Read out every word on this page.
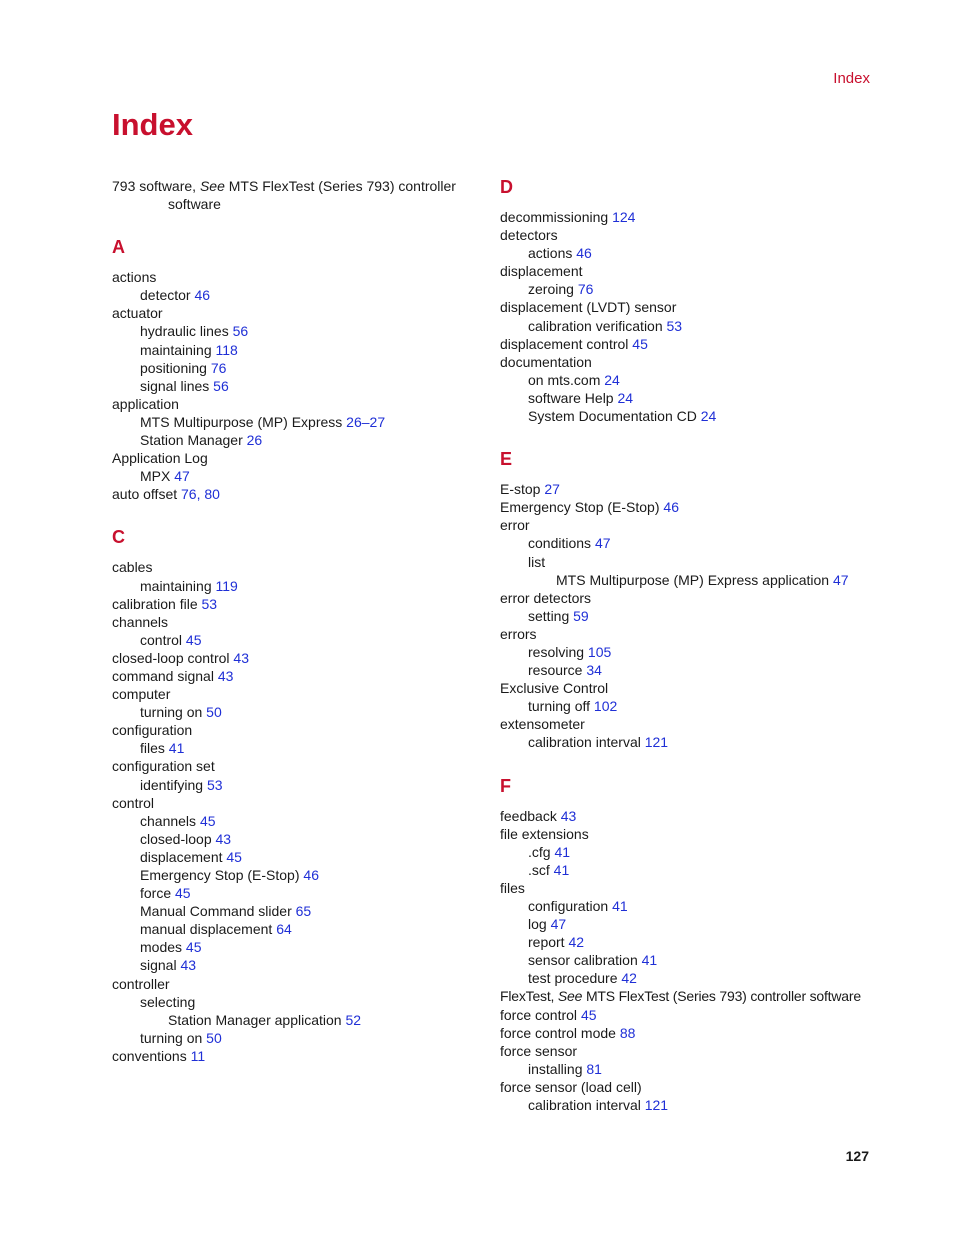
Index
Index
793 software, See MTS FlexTest (Series 793) controller
software
A
actions
detector 46
actuator
hydraulic lines 56
maintaining 118
positioning 76
signal lines 56
application
MTS Multipurpose (MP) Express 26–27
Station Manager 26
Application Log
MPX 47
auto offset 76, 80
C
cables
maintaining 119
calibration file 53
channels
control 45
closed-loop control 43
command signal 43
computer
turning on 50
configuration
files 41
configuration set
identifying 53
control
channels 45
closed-loop 43
displacement 45
Emergency Stop (E-Stop) 46
force 45
Manual Command slider 65
manual displacement 64
modes 45
signal 43
controller
selecting
Station Manager application 52
turning on 50
conventions 11
D
decommissioning 124
detectors
actions 46
displacement
zeroing 76
displacement (LVDT) sensor
calibration verification 53
displacement control 45
documentation
on mts.com 24
software Help 24
System Documentation CD 24
E
E-stop 27
Emergency Stop (E-Stop) 46
error
conditions 47
list
MTS Multipurpose (MP) Express application 47
error detectors
setting 59
errors
resolving 105
resource 34
Exclusive Control
turning off 102
extensometer
calibration interval 121
F
feedback 43
file extensions
.cfg 41
.scf 41
files
configuration 41
log 47
report 42
sensor calibration 41
test procedure 42
FlexTest, See MTS FlexTest (Series 793) controller software
force control 45
force control mode 88
force sensor
installing 81
force sensor (load cell)
calibration interval 121
127
